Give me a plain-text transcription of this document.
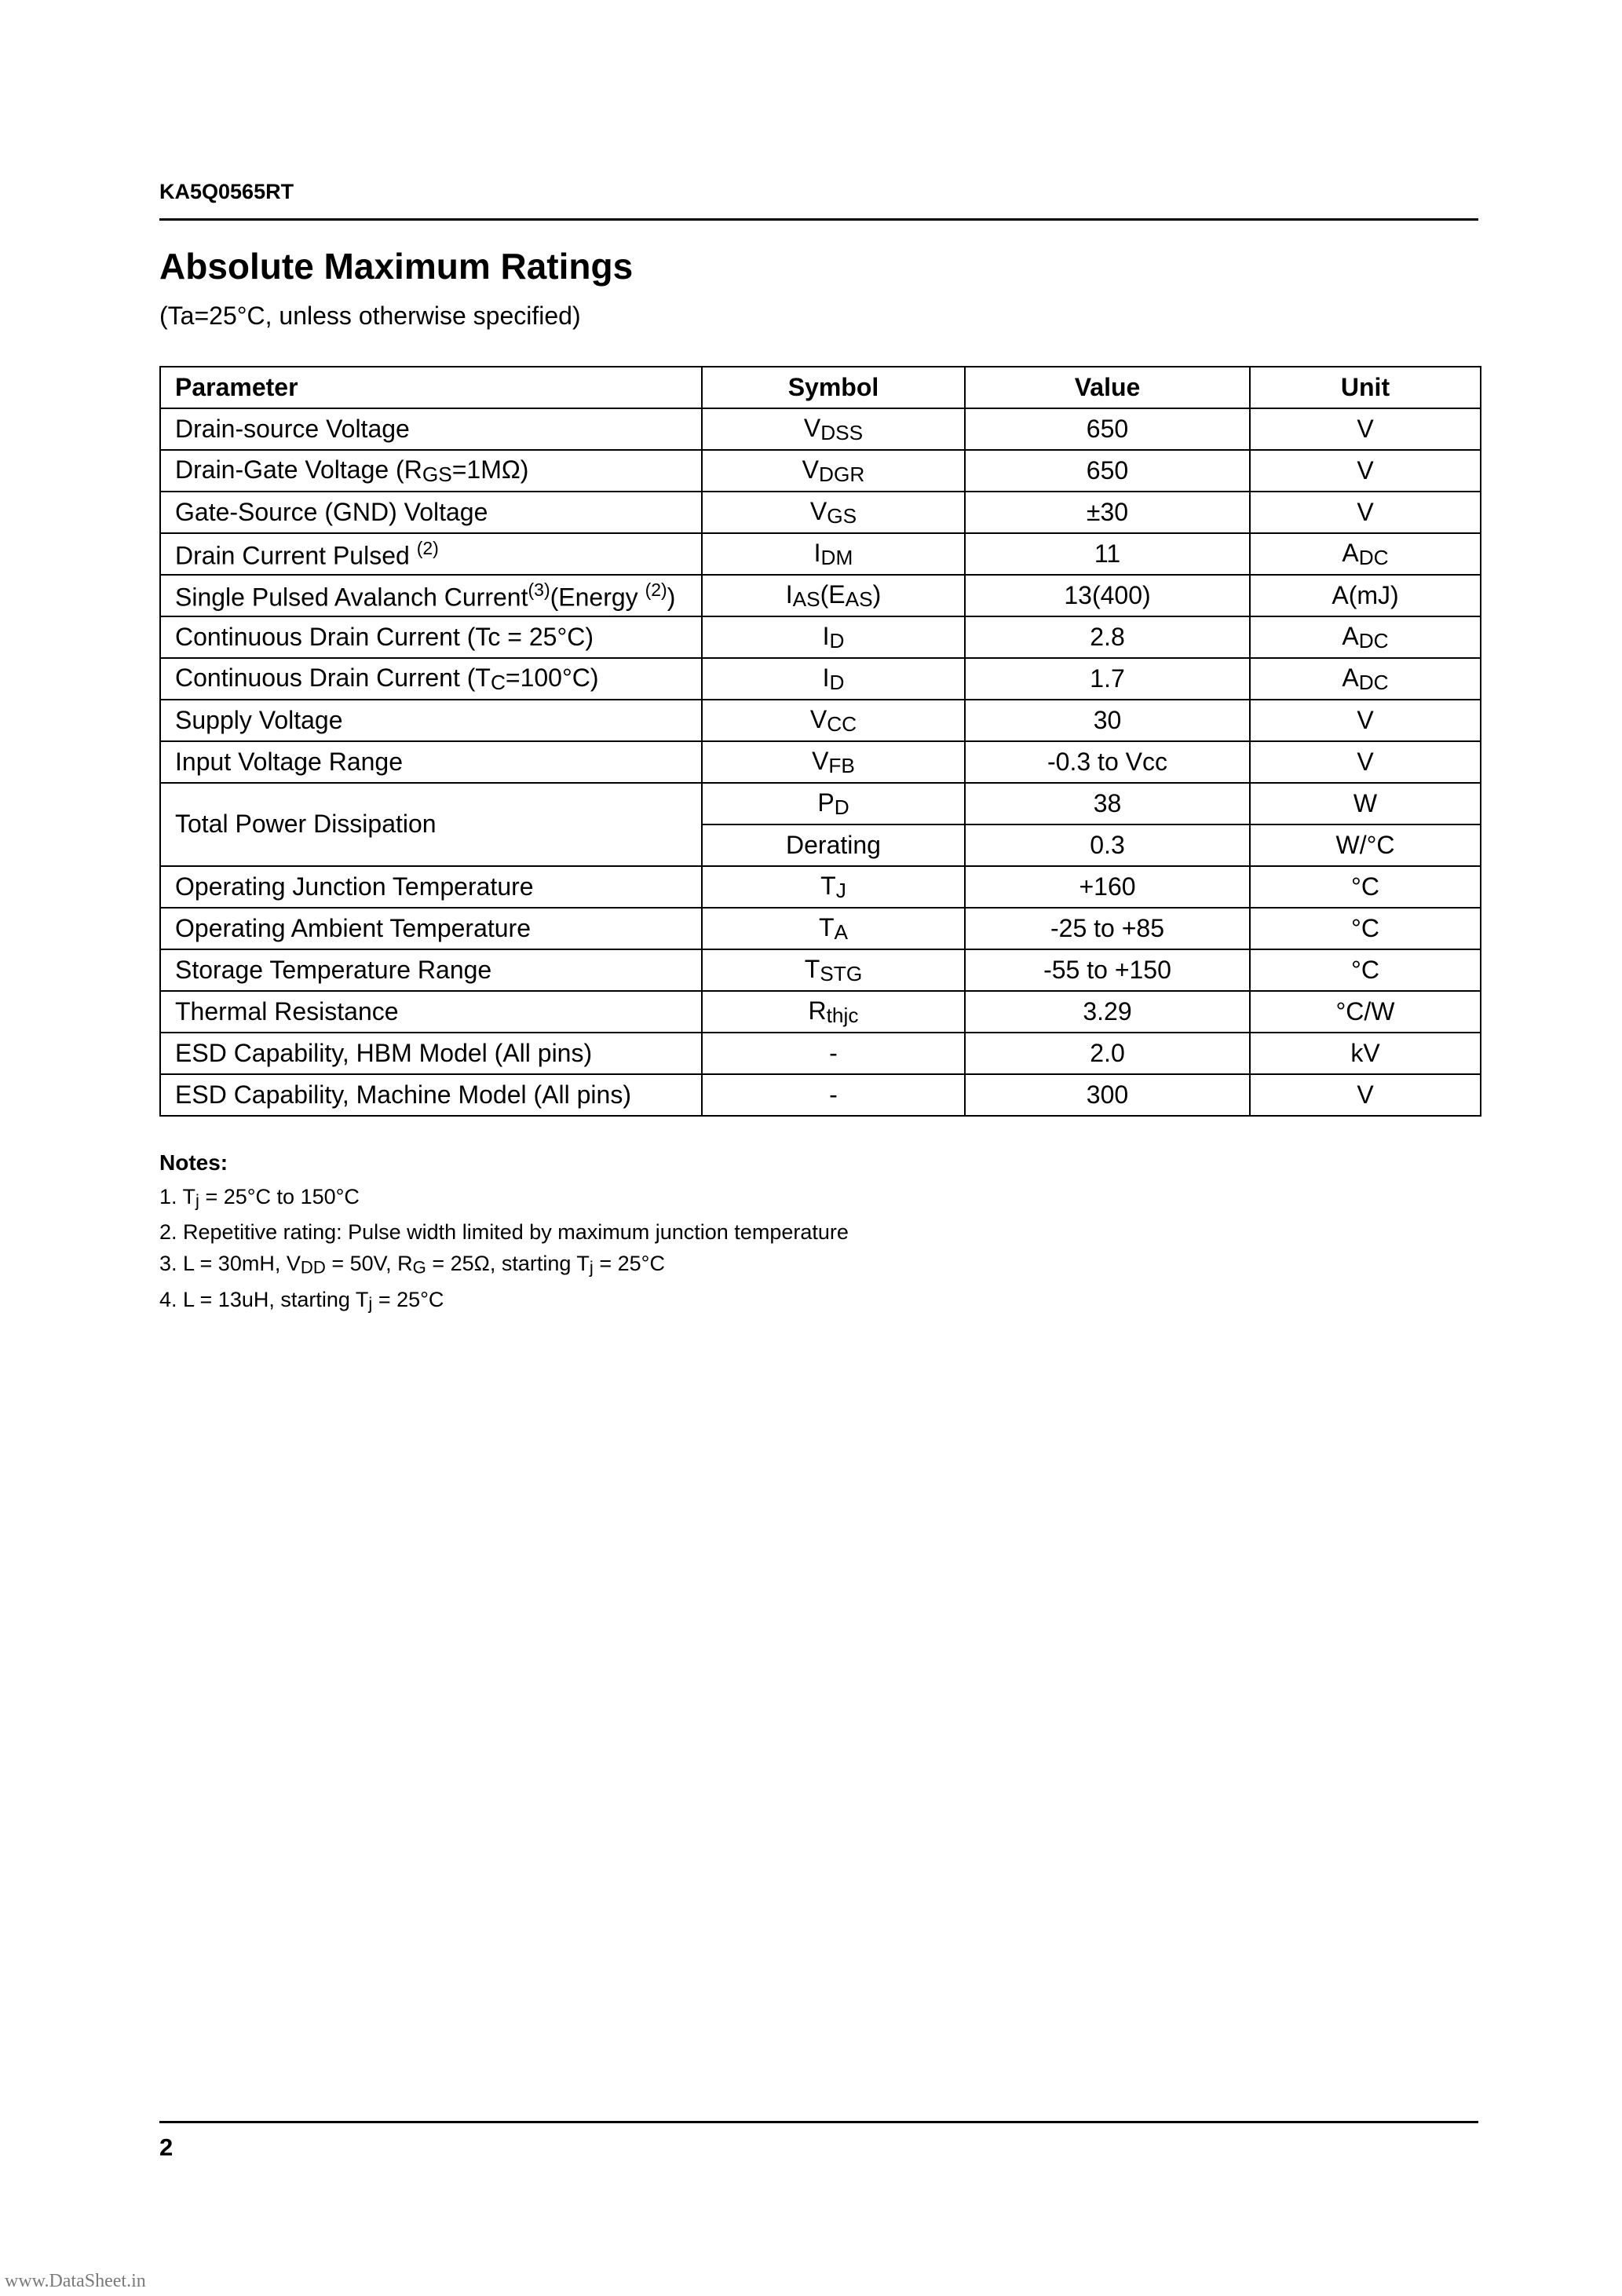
KA5Q0565RT
Absolute Maximum Ratings
(Ta=25°C, unless otherwise specified)
Parameter	Symbol	Value	Unit
Drain-source Voltage	$V_{DSS}$	650	V
Drain-Gate Voltage $(R_{GS}=1M\Omega)$	$V_{DGR}$	650	V
Gate-Source (GND) Voltage	$V_{GS}$	±30	V
Drain Current Pulsed $^{(2)}$	$I_{DM}$	11	$A_{DC}$
Single Pulsed Avalanch Current$^{(3)}$(Energy $^{(2)}$)	$I_{AS}(E_{AS})$	13(400)	A(mJ)
Continuous Drain Current (Tc = 25°C)	$I_D$	2.8	$A_{DC}$
Continuous Drain Current $(T_C=100^\circ C)$	$I_D$	1.7	$A_{DC}$
Supply Voltage	$V_{CC}$	30	V
Input Voltage Range	$V_{FB}$	-0.3 to Vcc	V
Total Power Dissipation	$P_D$	38	W
	Derating	0.3	W/°C
Operating Junction Temperature	$T_J$	+160	°C
Operating Ambient Temperature	$T_A$	-25 to +85	°C
Storage Temperature Range	$T_{STG}$	-55 to +150	°C
Thermal Resistance	$R_{thjc}$	3.29	°C/W
ESD Capability, HBM Model (All pins)	-	2.0	kV
ESD Capability, Machine Model (All pins)	-	300	V
Notes:
1. $T_j = 25^\circ C$ to 150°C
2. Repetitive rating: Pulse width limited by maximum junction temperature
3. L = 30mH, $V_{DD} = 50V$, $R_G = 25\Omega$, starting $T_j = 25^\circ C$
4. L = 13uH, starting $T_j = 25^\circ C$
2
www.DataSheet.in
